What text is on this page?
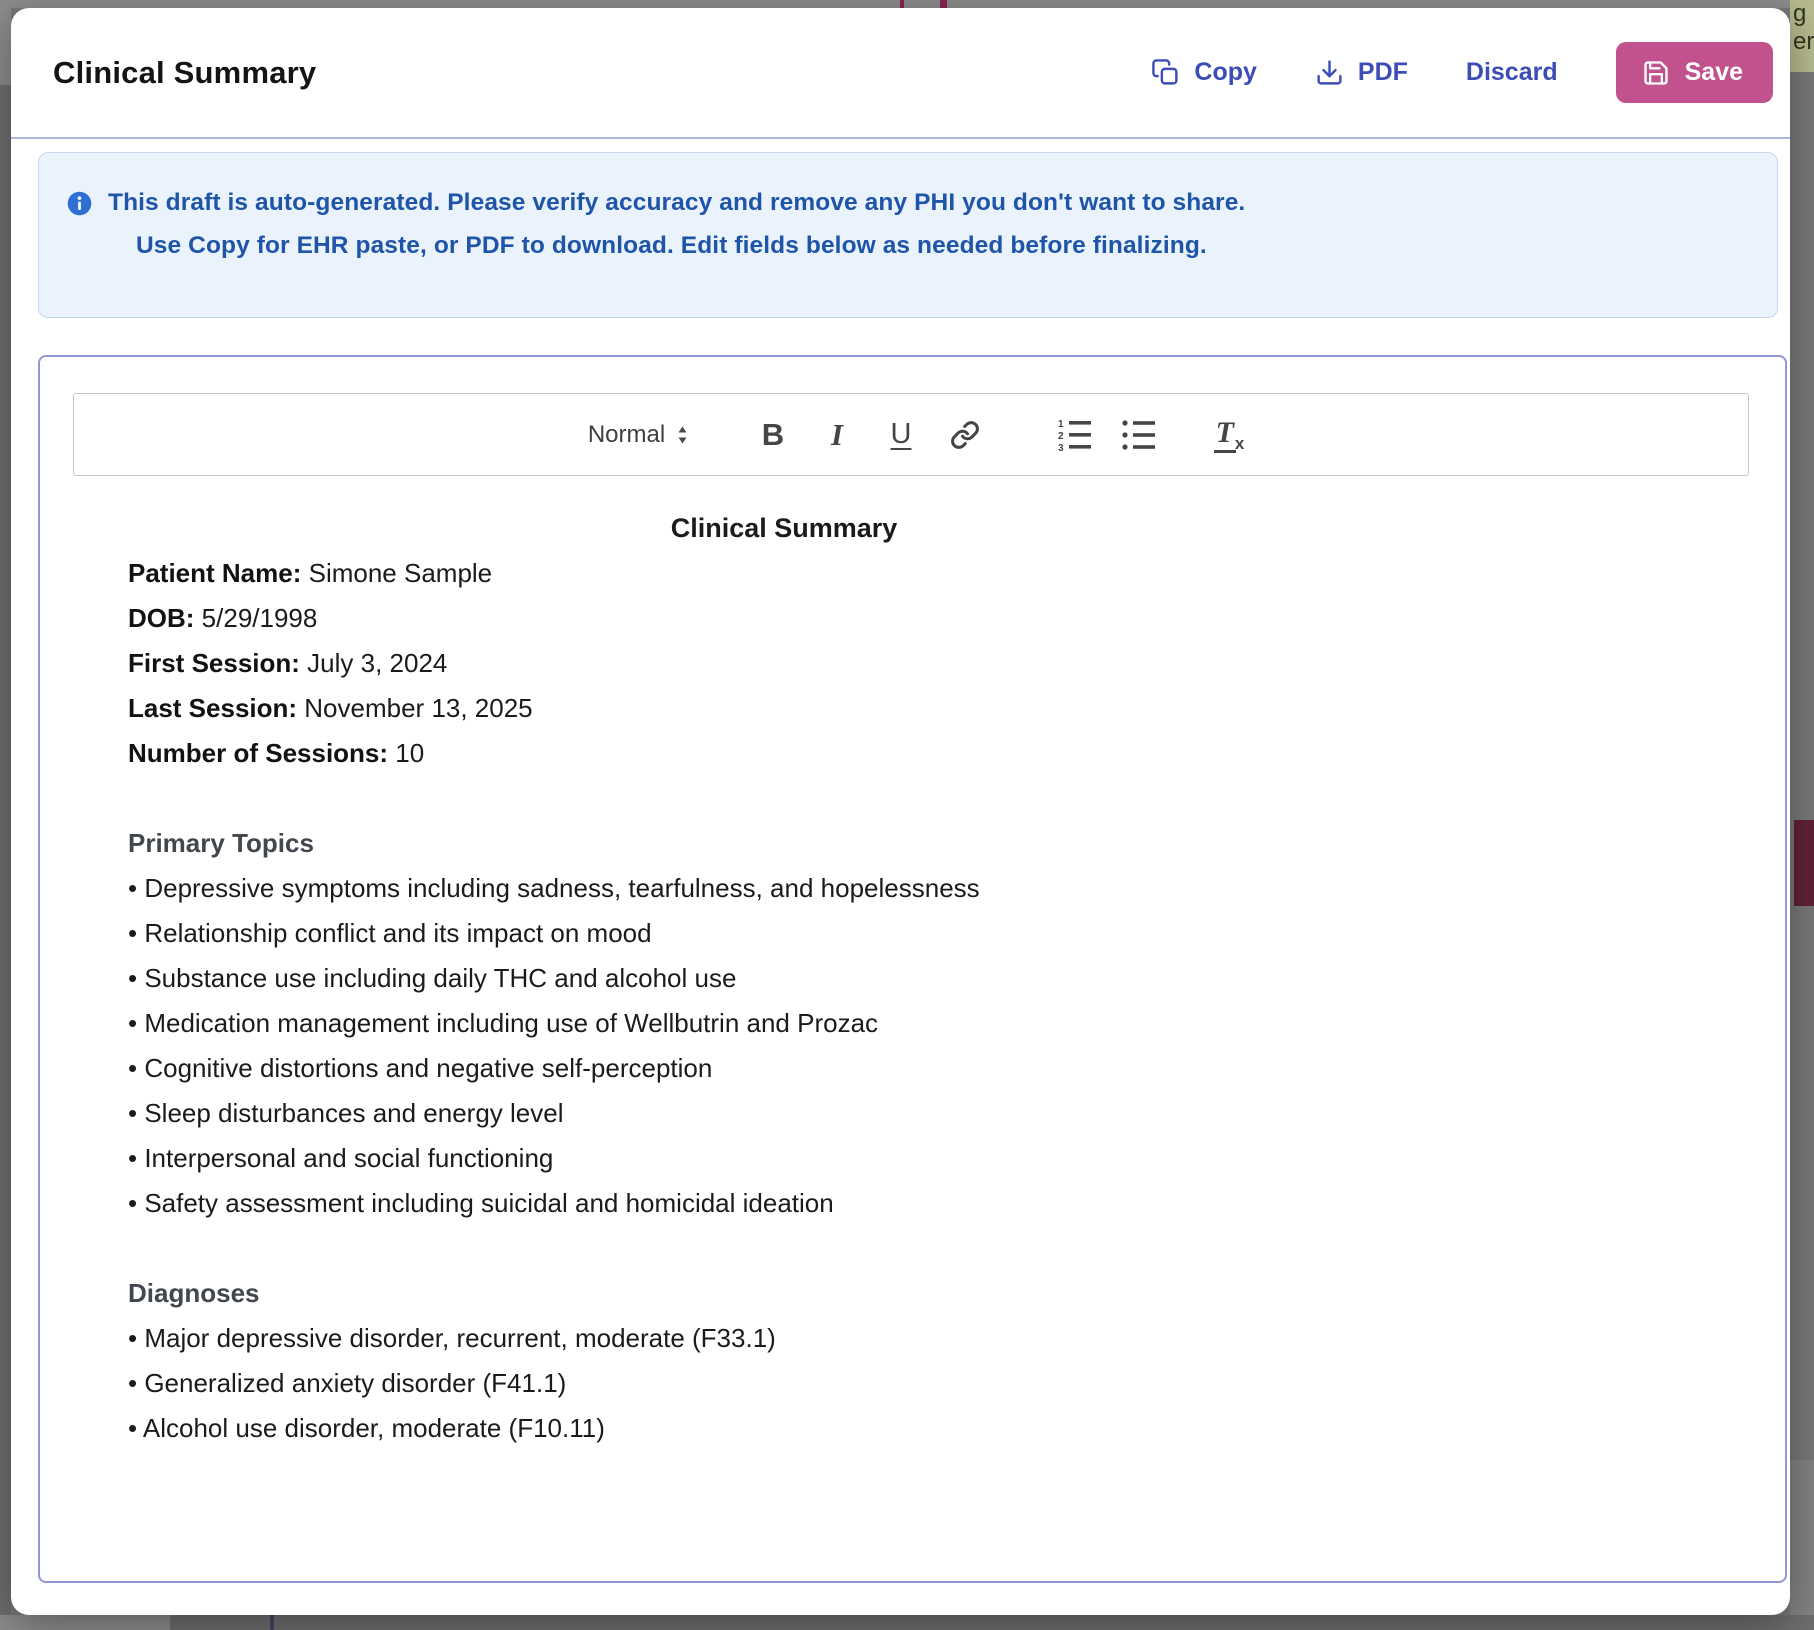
g
er
Clinical Summary	Copy	PDF Discard	Save

This draft is auto-generated. Please verify accuracy and remove any PHI you don't want to share.

Use Copy for EHR paste, or PDF to download. Edit fields below as needed before finalizing.

Normal	B I U	1
2
3	$T_x$

Clinical Summary

Patient Name: Simone Sample

DOB: 5/29/1998

First Session: July 3, 2024

Last Session: November 13, 2025

Number of Sessions: 10

Primary Topics

• Depressive symptoms including sadness, tearfulness, and hopelessness

• Relationship conflict and its impact on mood

• Substance use including daily THC and alcohol use

• Medication management including use of Wellbutrin and Prozac

• Cognitive distortions and negative self-perception

• Sleep disturbances and energy level

• Interpersonal and social functioning

• Safety assessment including suicidal and homicidal ideation

Diagnoses

• Major depressive disorder, recurrent, moderate (F33.1)

• Generalized anxiety disorder (F41.1)

• Alcohol use disorder, moderate (F10.11)
